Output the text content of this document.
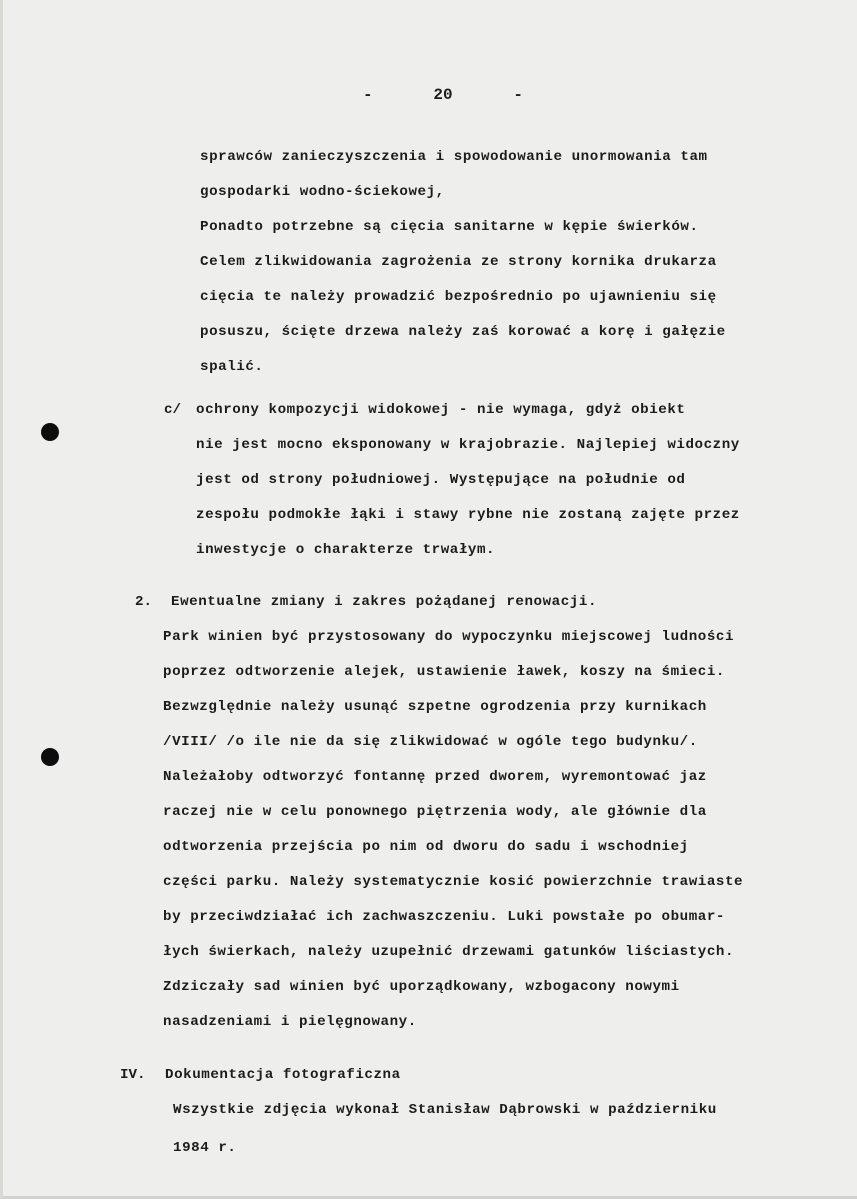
-	20	-
sprawców zanieczyszczenia i spowodowanie unormowania tam
gospodarki wodno-ściekowej,
Ponadto potrzebne są cięcia sanitarne w kępie świerków.
Celem zlikwidowania zagrożenia ze strony kornika drukarza
cięcia te należy prowadzić bezpośrednio po ujawnieniu się
posuszu, ścięte drzewa należy zaś korować a korę i gałęzie
spalić.
c/ ochrony kompozycji widokowej - nie wymaga, gdyż obiekt
nie jest mocno eksponowany w krajobrazie. Najlepiej widoczny
jest od strony południowej. Występujące na południe od
zespołu podmokłe łąki i stawy rybne nie zostaną zajęte przez
inwestycje o charakterze trwałym.
2. Ewentualne zmiany i zakres pożądanej renowacji.
Park winien być przystosowany do wypoczynku miejscowej ludności
poprzez odtworzenie alejek, ustawienie ławek, koszy na śmieci.
Bezwzględnie należy usunąć szpetne ogrodzenia przy kurnikach
/VIII/ /o ile nie da się zlikwidować w ogóle tego budynku/.
Należałoby odtworzyć fontannę przed dworem, wyremontować jaz
raczej nie w celu ponownego piętrzenia wody, ale głównie dla
odtworzenia przejścia po nim od dworu do sadu i wschodniej
części parku. Należy systematycznie kosić powierzchnie trawiaste
by przeciwdziałać ich zachwaszczeniu. Luki powstałe po obumar-
łych świerkach, należy uzupełnić drzewami gatunków liściastych.
Zdziczały sad winien być uporządkowany, wzbogacony nowymi
nasadzeniami i pielęgnowany.
IV. Dokumentacja fotograficzna
Wszystkie zdjęcia wykonał Stanisław Dąbrowski w październiku
1984 r.
